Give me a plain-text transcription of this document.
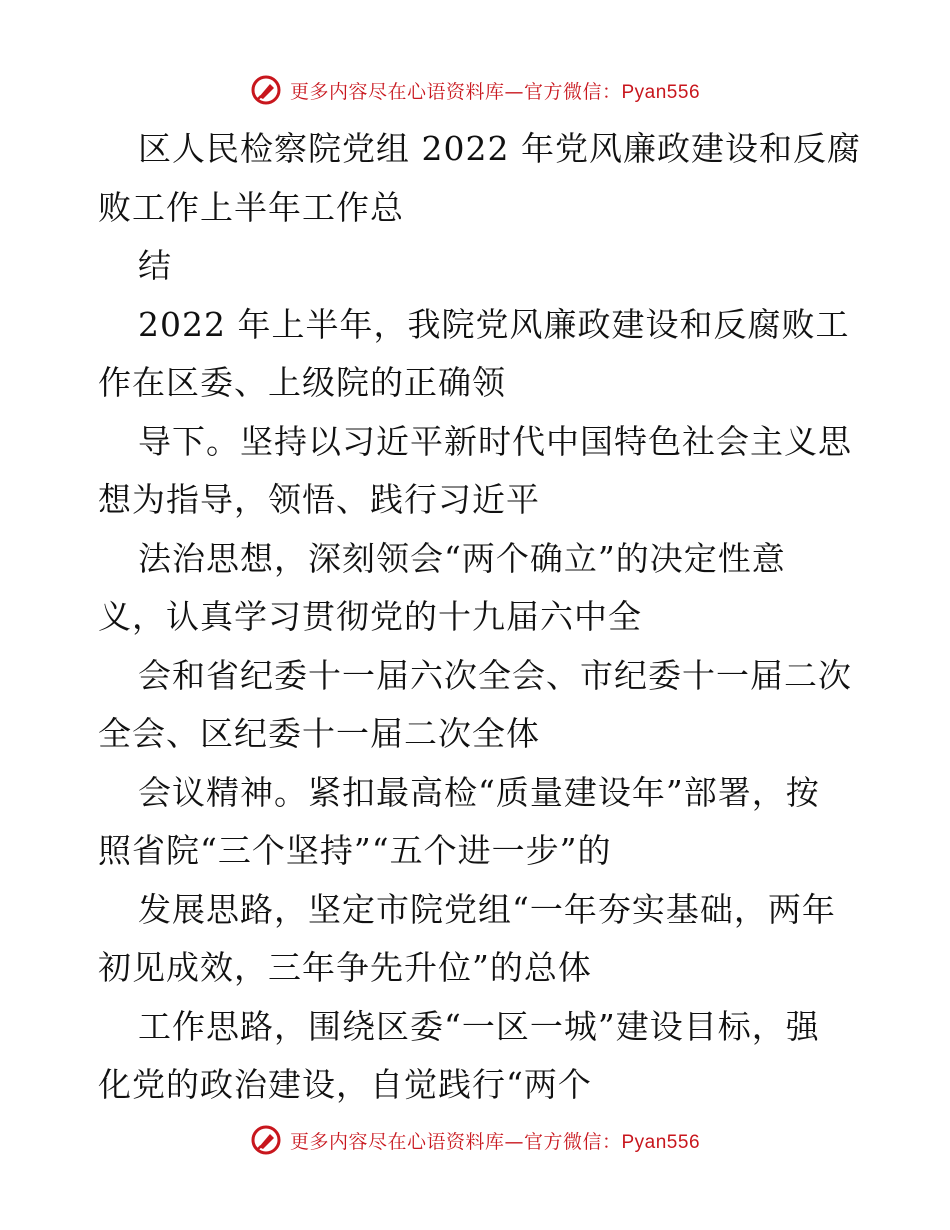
更多内容尽在心语资料库—官方微信：Pyan556
区人民检察院党组 2022 年党风廉政建设和反腐
败工作上半年工作总
结
2022 年上半年，我院党风廉政建设和反腐败工
作在区委、上级院的正确领
导下。坚持以习近平新时代中国特色社会主义思
想为指导，领悟、践行习近平
法治思想，深刻领会“两个确立”的决定性意
义，认真学习贯彻党的十九届六中全
会和省纪委十一届六次全会、市纪委十一届二次
全会、区纪委十一届二次全体
会议精神。紧扣最高检“质量建设年”部署，按
照省院“三个坚持”“五个进一步”的
发展思路，坚定市院党组“一年夯实基础，两年
初见成效，三年争先升位”的总体
工作思路，围绕区委“一区一城”建设目标，强
化党的政治建设，自觉践行“两个
更多内容尽在心语资料库—官方微信：Pyan556
